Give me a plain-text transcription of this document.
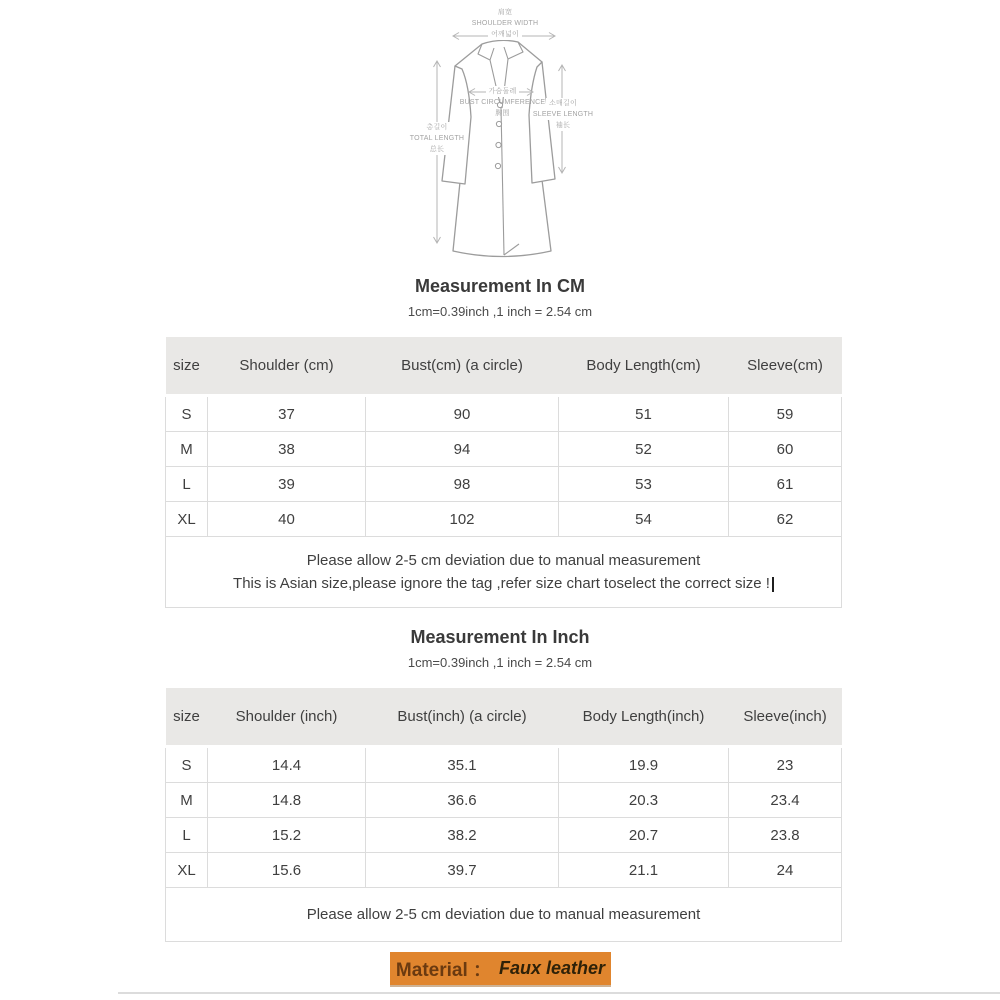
肩宽
SHOULDER WIDTH
어깨넓이
총길이
TOTAL LENGTH
总长
가슴둘레
BUST CIRCUMFERENCE
胸围
소매길이
SLEEVE LENGTH
袖长
Measurement In CM
1cm=0.39inch ,1 inch = 2.54 cm
size	Shoulder (cm)	Bust(cm) (a circle)	Body Length(cm)	Sleeve(cm)
S	37	90	51	59
M	38	94	52	60
L	39	98	53	61
XL	40	102	54	62

Please allow 2-5 cm deviation due to manual measurement
This is Asian size,please ignore the tag ,refer size chart toselect the correct size !				
Measurement In Inch
1cm=0.39inch ,1 inch = 2.54 cm
size	Shoulder (inch)	Bust(inch) (a circle)	Body Length(inch)	Sleeve(inch)
S	14.4	35.1	19.9	23
M	14.8	36.6	20.3	23.4
L	15.2	38.2	20.7	23.8
XL	15.6	39.7	21.1	24

Please allow 2-5 cm deviation due to manual measurement				
Material ： Faux leather
